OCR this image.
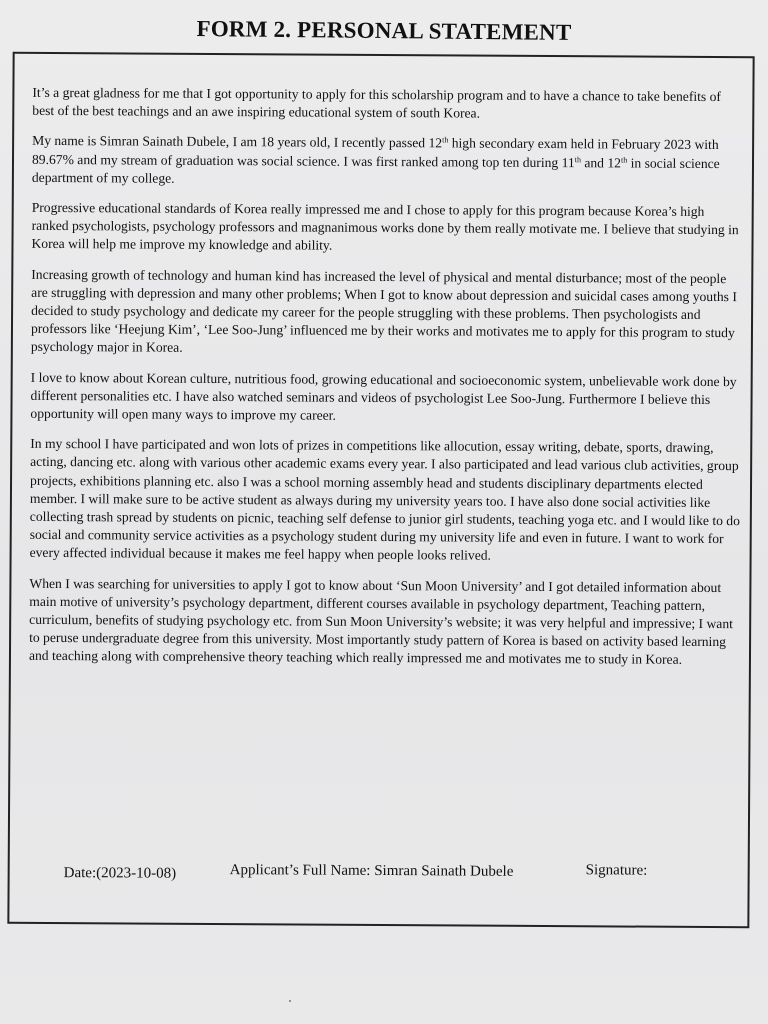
FORM 2. PERSONAL STATEMENT

It’s a great gladness for me that I got opportunity to apply for this scholarship program and to have a chance to take benefits of best of the best teachings and an awe inspiring educational system of south Korea.

My name is Simran Sainath Dubele, I am 18 years old, I recently passed 12th high secondary exam held in February 2023 with 89.67% and my stream of graduation was social science. I was first ranked among top ten during 11th and 12th in social science department of my college.

Progressive educational standards of Korea really impressed me and I chose to apply for this program because Korea’s high ranked psychologists, psychology professors and magnanimous works done by them really motivate me. I believe that studying in Korea will help me improve my knowledge and ability.

Increasing growth of technology and human kind has increased the level of physical and mental disturbance; most of the people are struggling with depression and many other problems; When I got to know about depression and suicidal cases among youths I decided to study psychology and dedicate my career for the people struggling with these problems. Then psychologists and professors like ‘Heejung Kim’, ‘Lee Soo-Jung’ influenced me by their works and motivates me to apply for this program to study psychology major in Korea.

I love to know about Korean culture, nutritious food, growing educational and socioeconomic system, unbelievable work done by different personalities etc. I have also watched seminars and videos of psychologist Lee Soo-Jung. Furthermore I believe this opportunity will open many ways to improve my career.

In my school I have participated and won lots of prizes in competitions like allocution, essay writing, debate, sports, drawing, acting, dancing etc. along with various other academic exams every year. I also participated and lead various club activities, group projects, exhibitions planning etc. also I was a school morning assembly head and students disciplinary departments elected member. I will make sure to be active student as always during my university years too. I have also done social activities like collecting trash spread by students on picnic, teaching self defense to junior girl students, teaching yoga etc. and I would like to do social and community service activities as a psychology student during my university life and even in future. I want to work for every affected individual because it makes me feel happy when people looks relived.

When I was searching for universities to apply I got to know about ‘Sun Moon University’ and I got detailed information about main motive of university’s psychology department, different courses available in psychology department, Teaching pattern, curriculum, benefits of studying psychology etc. from Sun Moon University’s website; it was very helpful and impressive; I want to peruse undergraduate degree from this university. Most importantly study pattern of Korea is based on activity based learning and teaching along with comprehensive theory teaching which really impressed me and motivates me to study in Korea.

Date:(2023-10-08)	Applicant’s Full Name: Simran Sainath Dubele	Signature:
